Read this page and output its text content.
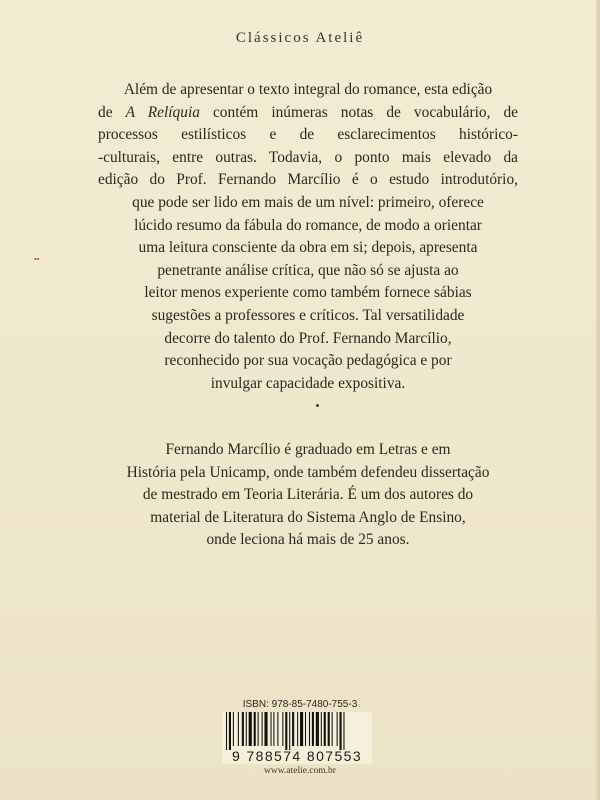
Clássicos Ateliê
••
Além de apresentar o texto integral do romance, esta edição
de A Relíquia contém inúmeras notas de vocabulário, de
processos estilísticos e de esclarecimentos histórico-
-culturais, entre outras. Todavia, o ponto mais elevado da
edição do Prof. Fernando Marcílio é o estudo introdutório,
que pode ser lido em mais de um nível: primeiro, oferece
lúcido resumo da fábula do romance, de modo a orientar
uma leitura consciente da obra em si; depois, apresenta
penetrante análise crítica, que não só se ajusta ao
leitor menos experiente como também fornece sábias
sugestões a professores e críticos. Tal versatilidade
decorre do talento do Prof. Fernando Marcílio,
reconhecido por sua vocação pedagógica e por
invulgar capacidade expositiva.
Fernando Marcílio é graduado em Letras e em
História pela Unicamp, onde também defendeu dissertação
de mestrado em Teoria Literária. É um dos autores do
material de Literatura do Sistema Anglo de Ensino,
onde leciona há mais de 25 anos.
ISBN: 978-85-7480-755-3
9 788574 807553
www.atelie.com.br
